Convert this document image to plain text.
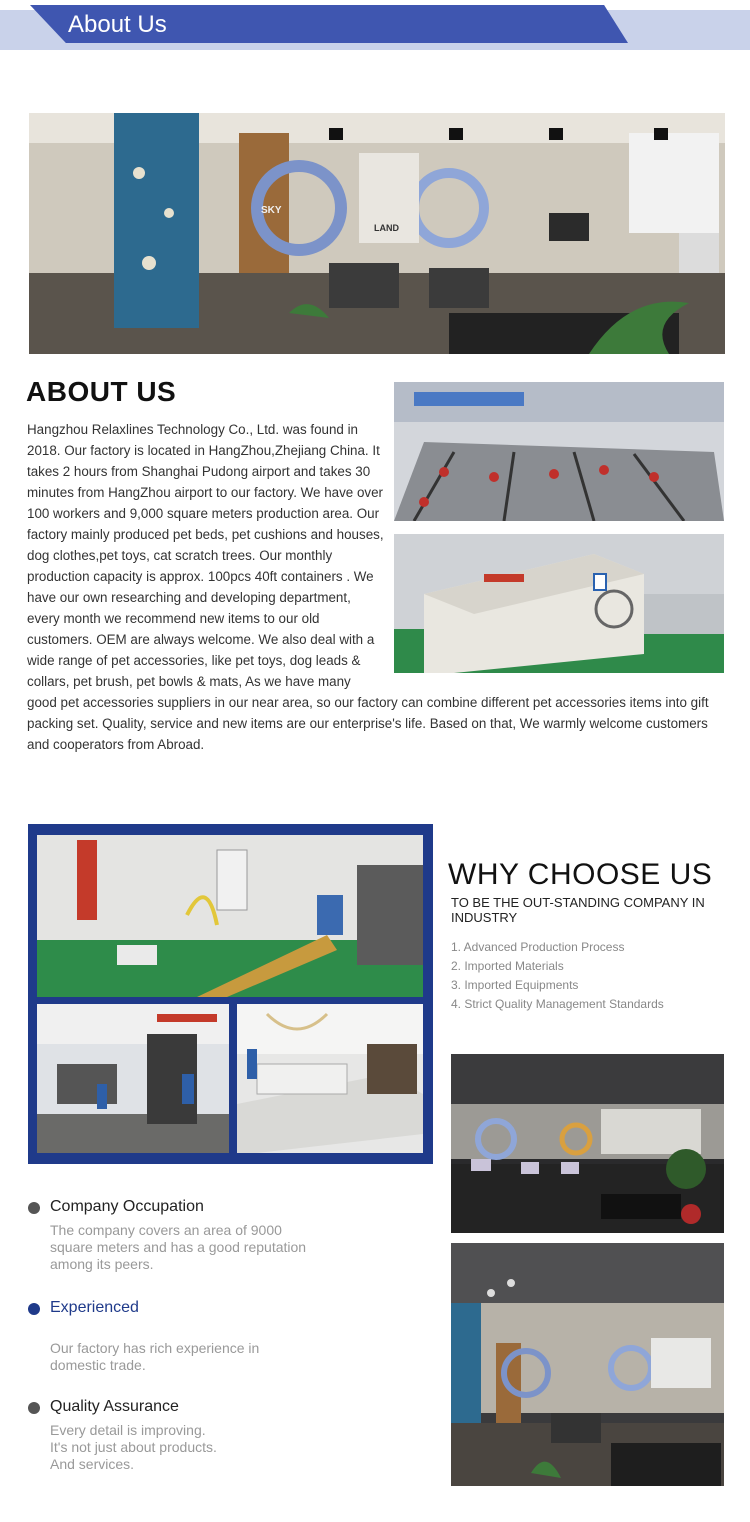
About Us
LAND
SKY
ABOUT US
Hangzhou Relaxlines Technology Co., Ltd. was found in 2018. Our factory is located in HangZhou,Zhejiang China. It takes 2 hours from Shanghai Pudong airport and takes 30 minutes from HangZhou airport to our factory. We have over 100 workers and 9,000 square meters production area. Our factory mainly produced pet beds, pet cushions and houses, dog clothes,pet toys, cat scratch trees. Our monthly production capacity is approx. 100pcs 40ft containers . We have our own researching and developing department, every month we recommend new items to our old customers. OEM are always welcome. We also deal with a wide range of pet accessories, like pet toys, dog leads & collars, pet brush, pet bowls & mats, As we have many good pet accessories suppliers in our near area, so our factory can combine different pet accessories items into gift packing set. Quality, service and new items are our enterprise's life. Based on that, We warmly welcome customers and cooperators from Abroad.
WHY CHOOSE US
TO BE THE OUT-STANDING COMPANY IN INDUSTRY
1. Advanced Production Process
2. Imported Materials
3. Imported Equipments
4. Strict Quality Management Standards
Company Occupation
The company covers an area of 9000
square meters and has a good reputation
among its peers.
Experienced
Our factory has rich experience in
domestic trade.
Quality Assurance
Every detail is improving.
It's not just about products.
And services.
